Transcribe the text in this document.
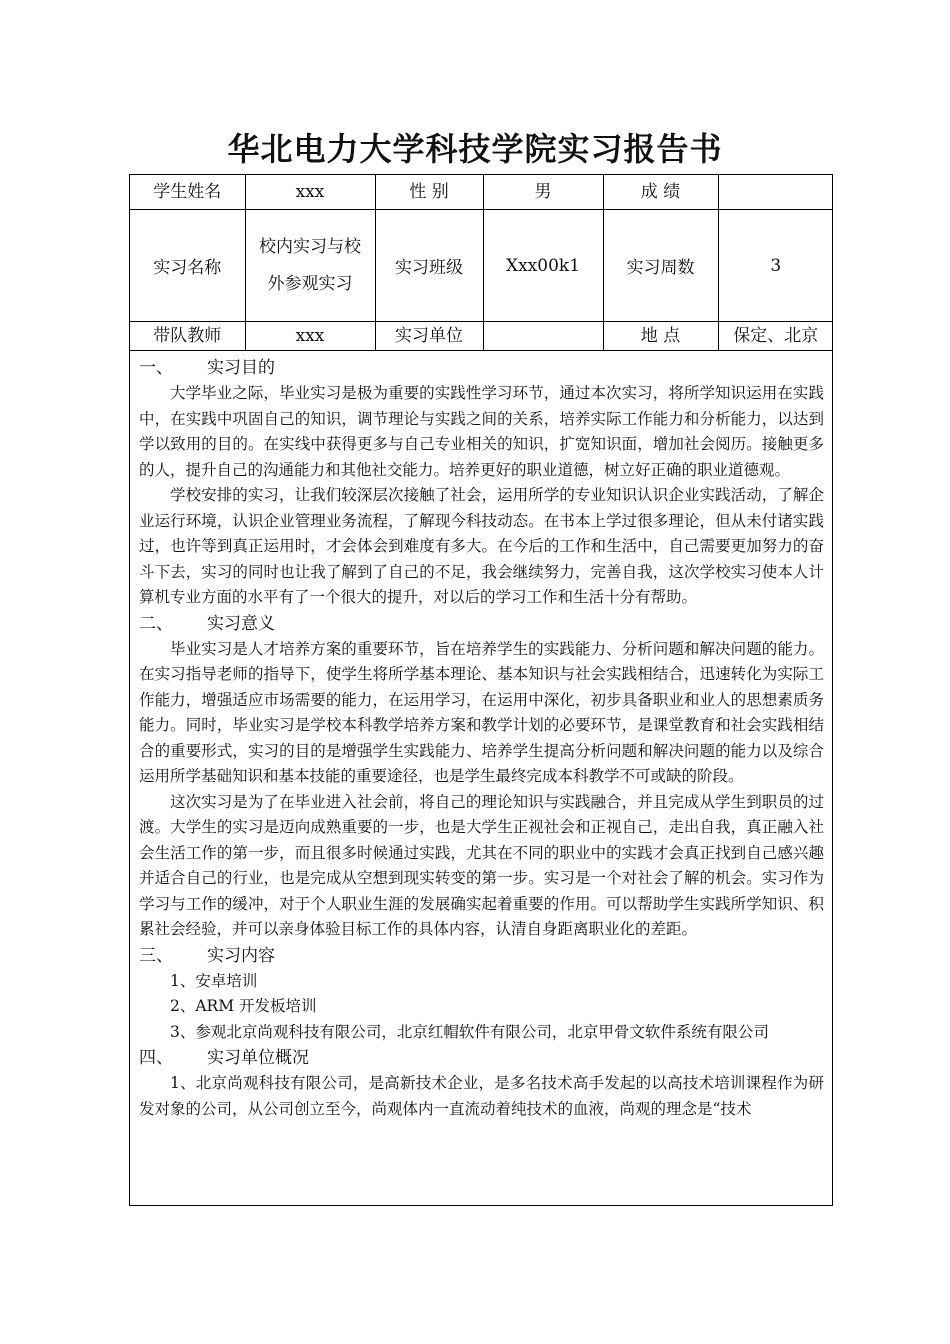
华北电力大学科技学院实习报告书
学生姓名	xxx	性 别	男	成 绩	
实习名称	校内实习与校外参观实习	实习班级	Xxx00k1	实习周数	3
带队教师	xxx	实习单位		地 点	保定、北京

一、 实习目的

大学毕业之际，毕业实习是极为重要的实践性学习环节，通过本次实习，将所学知识运用在实践中，在实践中巩固自己的知识，调节理论与实践之间的关系，培养实际工作能力和分析能力，以达到学以致用的目的。在实线中获得更多与自己专业相关的知识，扩宽知识面，增加社会阅历。接触更多的人，提升自己的沟通能力和其他社交能力。培养更好的职业道德，树立好正确的职业道德观。

学校安排的实习，让我们较深层次接触了社会，运用所学的专业知识认识企业实践活动，了解企业运行环境，认识企业管理业务流程，了解现今科技动态。在书本上学过很多理论，但从未付诸实践过，也许等到真正运用时，才会体会到难度有多大。在今后的工作和生活中，自己需要更加努力的奋斗下去，实习的同时也让我了解到了自己的不足，我会继续努力，完善自我，这次学校实习使本人计算机专业方面的水平有了一个很大的提升，对以后的学习工作和生活十分有帮助。

二、 实习意义

毕业实习是人才培养方案的重要环节，旨在培养学生的实践能力、分析问题和解决问题的能力。在实习指导老师的指导下，使学生将所学基本理论、基本知识与社会实践相结合，迅速转化为实际工作能力，增强适应市场需要的能力，在运用学习，在运用中深化，初步具备职业和业人的思想素质务能力。同时，毕业实习是学校本科教学培养方案和教学计划的必要环节，是课堂教育和社会实践相结合的重要形式，实习的目的是增强学生实践能力、培养学生提高分析问题和解决问题的能力以及综合运用所学基础知识和基本技能的重要途径，也是学生最终完成本科教学不可或缺的阶段。

这次实习是为了在毕业进入社会前，将自己的理论知识与实践融合，并且完成从学生到职员的过渡。大学生的实习是迈向成熟重要的一步，也是大学生正视社会和正视自己，走出自我，真正融入社会生活工作的第一步，而且很多时候通过实践，尤其在不同的职业中的实践才会真正找到自己感兴趣并适合自己的行业，也是完成从空想到现实转变的第一步。实习是一个对社会了解的机会。实习作为学习与工作的缓冲，对于个人职业生涯的发展确实起着重要的作用。可以帮助学生实践所学知识、积累社会经验，并可以亲身体验目标工作的具体内容，认清自身距离职业化的差距。

三、 实习内容

1、安卓培训

2、ARM 开发板培训

3、参观北京尚观科技有限公司，北京红帽软件有限公司，北京甲骨文软件系统有限公司

四、 实习单位概况

1、北京尚观科技有限公司，是高新技术企业，是多名技术高手发起的以高技术培训课程作为研发对象的公司，从公司创立至今，尚观体内一直流动着纯技术的血液，尚观的理念是“技术
